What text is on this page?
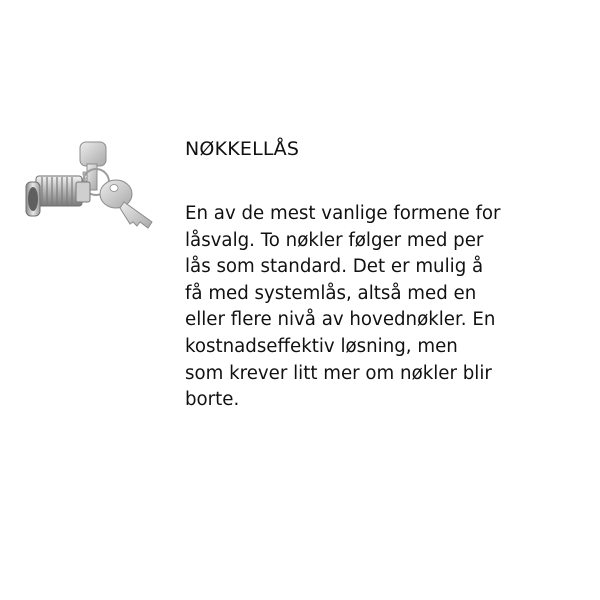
NØKKELLÅS

En av de mest vanlige formene for
låsvalg. To nøkler følger med per
lås som standard. Det er mulig å
få med systemlås, altså med en
eller flere nivå av hovednøkler. En
kostnadseffektiv løsning, men
som krever litt mer om nøkler blir
borte.
